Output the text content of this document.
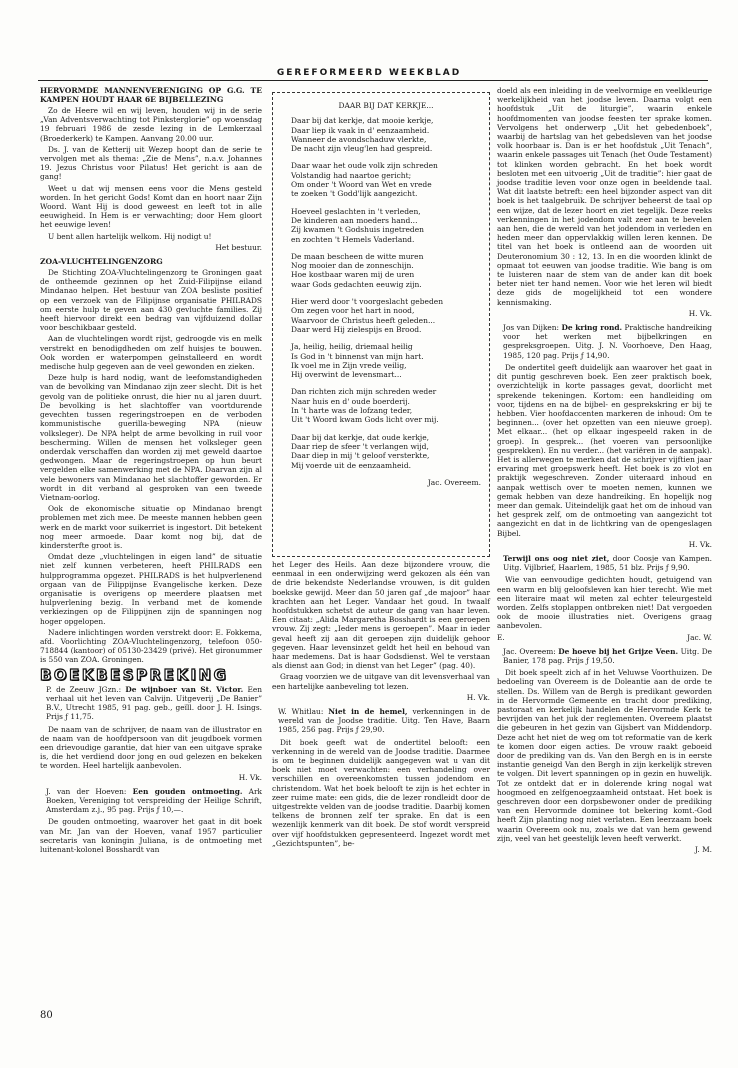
GEREFORMEERD WEEKBLAD
HERVORMDE MANNENVERENIGING OP G.G. TE KAMPEN HOUDT HAAR 6E BIJBELLEZING

Zo de Heere wil en wij leven, houden wij in de serie „Van Adventsverwachting tot Pinksterglorie” op woensdag 19 februari 1986 de zesde lezing in de Lemkerzaal (Broederkerk) te Kampen. Aanvang 20.00 uur.

Ds. J. van de Ketterij uit Wezep hoopt dan de serie te vervolgen met als thema: „Zie de Mens”, n.a.v. Johannes 19. Jezus Christus voor Pilatus! Het gericht is aan de gang!

Weet u dat wij mensen eens voor die Mens gesteld worden. In het gericht Gods! Komt dan en hoort naar Zijn Woord. Want Hij is dood geweest en leeft tot in alle eeuwigheid. In Hem is er verwachting; door Hem gloort het eeuwige leven!

U bent allen hartelijk welkom. Hij nodigt u!

Het bestuur.

ZOA-VLUCHTELINGENZORG

De Stichting ZOA-Vluchtelingenzorg te Groningen gaat de ontheemde gezinnen op het Zuid-Filipijnse eiland Mindanao helpen. Het bestuur van ZOA besliste positief op een verzoek van de Filipijnse organisatie PHILRADS om eerste hulp te geven aan 430 gevluchte families. Zij heeft hiervoor direkt een bedrag van vijfduizend dollar voor beschikbaar gesteld.

Aan de vluchtelingen wordt rijst, gedroogde vis en melk verstrekt en benodigdheden om zelf huisjes te bouwen. Ook worden er waterpompen geïnstalleerd en wordt medische hulp gegeven aan de veel gewonden en zieken.

Deze hulp is hard nodig, want de leefomstandigheden van de bevolking van Mindanao zijn zeer slecht. Dit is het gevolg van de politieke onrust, die hier nu al jaren duurt. De bevolking is het slachtoffer van voortdurende gevechten tussen regeringstroepen en de verboden kommunistische guerilla-beweging NPA (nieuw volksleger). De NPA helpt de arme bevolking in ruil voor bescherming. Willen de mensen het volksleger geen onderdak verschaffen dan worden zij met geweld daartoe gedwongen. Maar de regeringstroepen op hun beurt vergelden elke samenwerking met de NPA. Daarvan zijn al vele bewoners van Mindanao het slachtoffer geworden. Er wordt in dit verband al gesproken van een tweede Vietnam-oorlog.

Ook de ekonomische situatie op Mindanao brengt problemen met zich mee. De meeste mannen hebben geen werk en de markt voor suikerriet is ingestort. Dit betekent nog meer armoede. Daar komt nog bij, dat de kindersterfte groot is.

Omdat deze „vluchtelingen in eigen land” de situatie niet zelf kunnen verbeteren, heeft PHILRADS een hulpprogramma opgezet. PHILRADS is het hulpverlenend orgaan van de Filippijnse Evangelische kerken. Deze organisatie is overigens op meerdere plaatsen met hulpverlening bezig. In verband met de komende verkiezingen op de Filippijnen zijn de spanningen nog hoger opgelopen.

Nadere inlichtingen worden verstrekt door: E. Fokkema, afd. Voorlichting ZOA-Vluchtelingenzorg, telefoon 050-718844 (kantoor) of 05130-23429 (privé). Het gironummer is 550 van ZOA. Groningen.

BOEKBESPREKING
P. de Zeeuw JGzn.: De wijnboer van St. Victor. Een verhaal uit het leven van Calvijn. Uitgeverij „De Banier” B.V., Utrecht 1985, 91 pag. geb., geïll. door J. H. Isings. Prijs ƒ 11,75.

De naam van de schrijver, de naam van de illustrator en de naam van de hoofdpersoon van dit jeugdboek vormen een drievoudige garantie, dat hier van een uitgave sprake is, die het verdiend door jong en oud gelezen en bekeken te worden. Heel hartelijk aanbevolen.

H. Vk.

J. van der Hoeven: Een gouden ontmoeting. Ark Boeken, Vereniging tot verspreiding der Heilige Schrift, Amsterdam z.j., 95 pag. Prijs ƒ 10,—.

De gouden ontmoeting, waarover het gaat in dit boek van Mr. Jan van der Hoeven, vanaf 1957 particulier secretaris van koningin Juliana, is de ontmoeting met luitenant-kolonel Bosshardt van

DAAR BIJ DAT KERKJE...
Daar bij dat kerkje, dat mooie kerkje,
Daar liep ik vaak in d' eenzaamheid.
Wanneer de avondschaduw vlerkte,
De nacht zijn vleug'len had gespreid.
Daar waar het oude volk zijn schreden
Volstandig had naartoe gericht;
Om onder 't Woord van Wet en vrede
te zoeken 't Godd'lijk aangezicht.
Hoeveel geslachten in 't verleden,
De kinderen aan moeders hand...
Zij kwamen 't Godshuis ingetreden
en zochten 't Hemels Vaderland.
De maan bescheen de witte muren
Nog mooier dan de zonneschijn.
Hoe kostbaar waren mij de uren
waar Gods gedachten eeuwig zijn.
Hier werd door 't voorgeslacht gebeden
Om zegen voor het hart in nood,
Waarvoor de Christus heeft geleden...
Daar werd Hij zielespijs en Brood.
Ja, heilig, heilig, driemaal heilig
Is God in 't binnenst van mijn hart.
Ik voel me in Zijn vrede veilig,
Hij overwint de levensmart...
Dan richten zich mijn schreden weder
Naar huis en d' oude boerderij.
In 't harte was de lofzang teder,
Uit 't Woord kwam Gods licht over mij.
Daar bij dat kerkje, dat oude kerkje,
Daar riep de sfeer 't verlangen wijd,
Daar diep in mij 't geloof versterkte,
Mij voerde uit de eenzaamheid.
Jac. Overeem.

het Leger des Heils. Aan deze bijzondere vrouw, die eenmaal in een onderwijzing werd gekozen als één van de drie bekendste Nederlandse vrouwen, is dit gulden boekske gewijd. Meer dan 50 jaren gaf „de majoor” haar krachten aan het Leger. Vandaar het goud. In twaalf hoofdstukken schetst de auteur de gang van haar leven. Een citaat: „Alida Margaretha Bosshardt is een geroepen vrouw. Zij zegt: „Ieder mens is geroepen”. Maar in ieder geval heeft zij aan dit geroepen zijn duidelijk gehoor gegeven. Haar levensinzet geldt het heil en behoud van haar medemens. Dat is haar Godsdienst. Wel te verstaan als dienst aan God; in dienst van het Leger” (pag. 40).

Graag voorzien we de uitgave van dit levensverhaal van een hartelijke aanbeveling tot lezen.

H. Vk.

W. Whitlau: Niet in de hemel, verkenningen in de wereld van de Joodse traditie. Uitg. Ten Have, Baarn 1985, 256 pag. Prijs ƒ 29,90.

Dit boek geeft wat de ondertitel belooft: een verkenning in de wereld van de Joodse traditie. Daarmee is om te beginnen duidelijk aangegeven wat u van dit boek niet moet verwachten: een verhandeling over verschillen en overeenkomsten tussen jodendom en christendom. Wat het boek belooft te zijn is het echter in zeer ruime mate: een gids, die de lezer rondleidt door de uitgestrekte velden van de joodse traditie. Daarbij komen telkens de bronnen zelf ter sprake. En dat is een wezenlijk kenmerk van dit boek. De stof wordt verspreid over vijf hoofdstukken gepresenteerd. Ingezet wordt met „Gezichtspunten”, be-

doeld als een inleiding in de veelvormige en veelkleurige werkelijkheid van het joodse leven. Daarna volgt een hoofdstuk „Uit de liturgie”, waarin enkele hoofdmomenten van joodse feesten ter sprake komen. Vervolgens het onderwerp „Uit het gebedenboek”, waarbij de hartslag van het gebedsleven van het joodse volk hoorbaar is. Dan is er het hoofdstuk „Uit Tenach”, waarin enkele passages uit Tenach (het Oude Testament) tot klinken worden gebracht. En het boek wordt besloten met een uitvoerig „Uit de traditie”: hier gaat de joodse traditie leven voor onze ogen in beeldende taal. Wat dit laatste betreft: een heel bijzonder aspect van dit boek is het taalgebruik. De schrijver beheerst de taal op een wijze, dat de lezer hoort en ziet tegelijk. Deze reeks verkenningen in het jodendom valt zeer aan te bevelen aan hen, die de wereld van het jodendom in verleden en heden meer dan oppervlakkig willen leren kennen. De titel van het boek is ontleend aan de woorden uit Deuteronomium 30 : 12, 13. In en die woorden klinkt de opmaat tot eeuwen van joodse traditie. Wie bang is om te luisteren naar de stem van de ander kan dit boek beter niet ter hand nemen. Voor wie het leren wil biedt deze gids de mogelijkheid tot een wondere kennismaking.

H. Vk.

Jos van Dijken: De kring rond. Praktische handreiking voor het werken met bijbelkringen en gespreksgroepen. Uitg. J. N. Voorhoeve, Den Haag, 1985, 120 pag. Prijs ƒ 14,90.

De ondertitel geeft duidelijk aan waarover het gaat in dit puntig geschreven boek. Een zeer praktisch boek, overzichtelijk in korte passages gevat, doorlicht met sprekende tekeningen. Kortom: een handleiding om voor, tijdens en na de bijbel- en gesprekskring er bij te hebben. Vier hoofdaccenten markeren de inhoud: Om te beginnen... (over het opzetten van een nieuwe groep). Met elkaar... (het op elkaar ingespeeld raken in de groep). In gesprek... (het voeren van persoonlijke gesprekken). En nu verder... (het variëren in de aanpak). Het is allerwegen te merken dat de schrijver vijftien jaar ervaring met groepswerk heeft. Het boek is zo vlot en praktijk wegeschreven. Zonder uiteraard inhoud en aanpak wettisch over te moeten nemen, kunnen we gemak hebben van deze handreiking. En hopelijk nog meer dan gemak. Uiteindelijk gaat het om de inhoud van het gesprek zelf, om de ontmoeting van aangezicht tot aangezicht en dat in de lichtkring van de opengeslagen Bijbel.

H. Vk.

Terwijl ons oog niet ziet, door Coosje van Kampen. Uitg. Vijlbrief, Haarlem, 1985, 51 blz. Prijs ƒ 9,90.

Wie van eenvoudige gedichten houdt, getuigend van een warm en blij geloofsleven kan hier terecht. Wie met een literaire maat wil meten zal echter teleurgesteld worden. Zelfs stoplappen ontbreken niet! Dat vergoeden ook de mooie illustraties niet. Overigens graag aanbevolen.

E.	Jac. W.

Jac. Overeem: De hoeve bij het Grijze Veen. Uitg. De Banier, 178 pag. Prijs ƒ 19,50.

Dit boek speelt zich af in het Veluwse Voorthuizen. De bedoeling van Overeem is de Doleantie aan de orde te stellen. Ds. Willem van de Bergh is predikant geworden in de Hervormde Gemeente en tracht door prediking, pastoraat en kerkelijk handelen de Hervormde Kerk te bevrijden van het juk der reglementen. Overeem plaatst die gebeuren in het gezin van Gijsbert van Middendorp. Deze acht het niet de weg om tot reformatie van de kerk te komen door eigen acties. De vrouw raakt geboeid door de prediking van ds. Van den Bergh en is in eerste instantie geneigd Van den Bergh in zijn kerkelijk streven te volgen. Dit levert spanningen op in gezin en huwelijk. Tot ze ontdekt dat er in dolerende kring nogal wat hoogmoed en zelfgenoegzaamheid ontstaat. Het boek is geschreven door een dorpsbewoner onder de prediking van een Hervormde dominee tot bekering komt.-God heeft Zijn planting nog niet verlaten. Een leerzaam boek waarin Overeem ook nu, zoals we dat van hem gewend zijn, veel van het geestelijk leven heeft verwerkt.

J. M.

80
